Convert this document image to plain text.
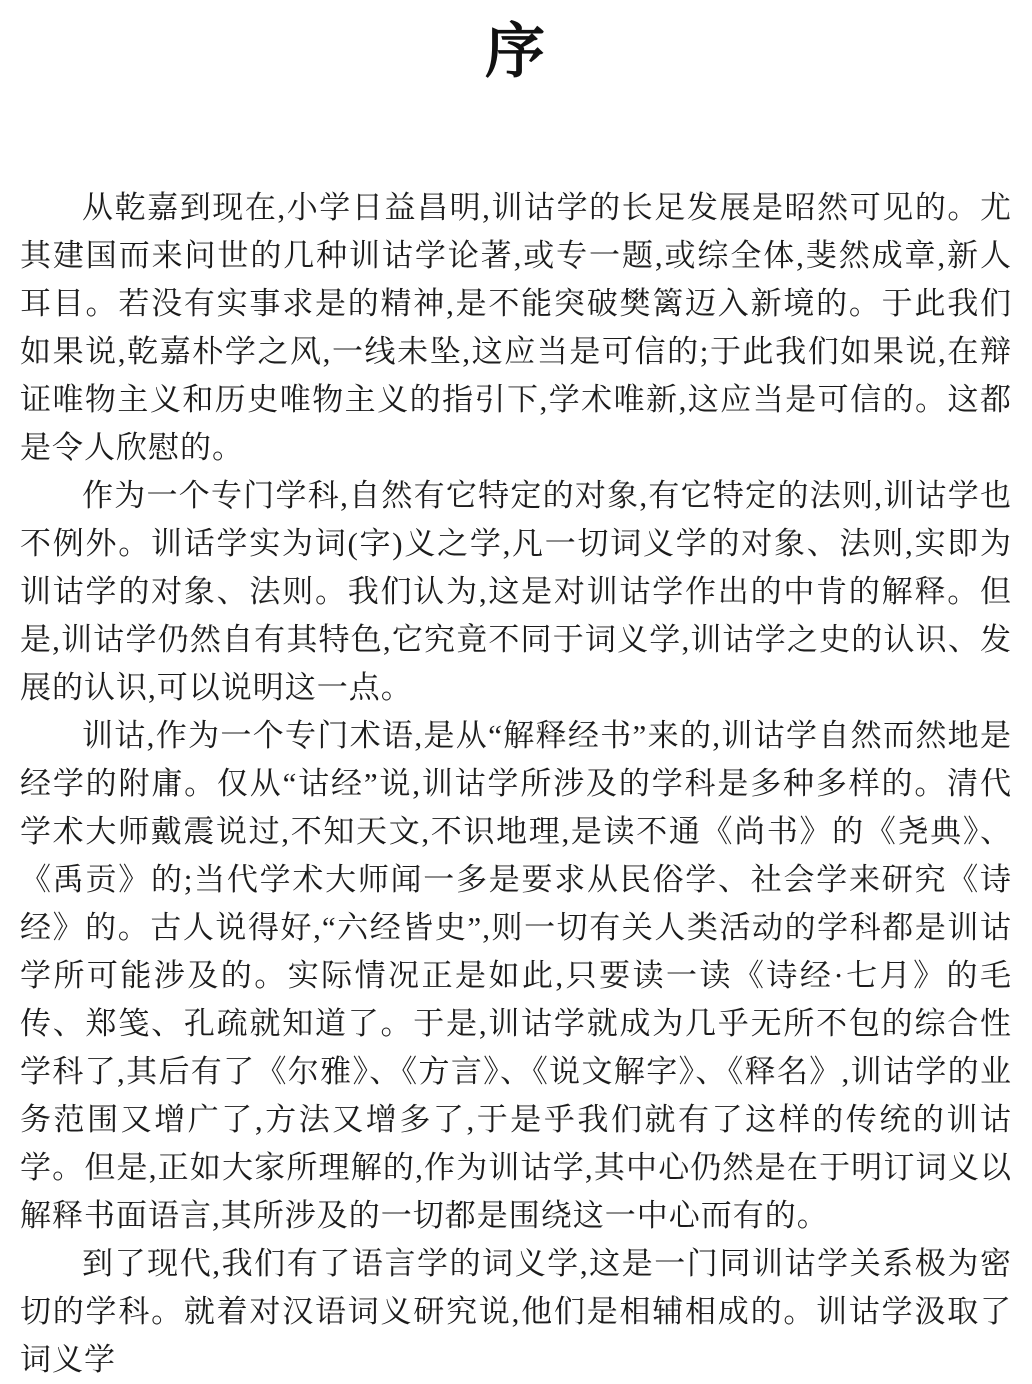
序

从乾嘉到现在,小学日益昌明,训诂学的长足发展是昭然可见的。尤其建国而来问世的几种训诂学论著,或专一题,或综全体,斐然成章,新人耳目。若没有实事求是的精神,是不能突破樊篱迈入新境的。于此我们如果说,乾嘉朴学之风,一线未坠,这应当是可信的;于此我们如果说,在辩证唯物主义和历史唯物主义的指引下,学术唯新,这应当是可信的。这都是令人欣慰的。

作为一个专门学科,自然有它特定的对象,有它特定的法则,训诂学也不例外。训话学实为词(字)义之学,凡一切词义学的对象、法则,实即为训诂学的对象、法则。我们认为,这是对训诂学作出的中肯的解释。但是,训诂学仍然自有其特色,它究竟不同于词义学,训诂学之史的认识、发展的认识,可以说明这一点。

训诂,作为一个专门术语,是从“解释经书”来的,训诂学自然而然地是经学的附庸。仅从“诂经”说,训诂学所涉及的学科是多种多样的。清代学术大师戴震说过,不知天文,不识地理,是读不通《尚书》的《尧典》、《禹贡》的;当代学术大师闻一多是要求从民俗学、社会学来研究《诗经》的。古人说得好,“六经皆史”,则一切有关人类活动的学科都是训诂学所可能涉及的。实际情况正是如此,只要读一读《诗经·七月》的毛传、郑笺、孔疏就知道了。于是,训诂学就成为几乎无所不包的综合性学科了,其后有了《尔雅》、《方言》、《说文解字》、《释名》,训诂学的业务范围又增广了,方法又增多了,于是乎我们就有了这样的传统的训诂学。但是,正如大家所理解的,作为训诂学,其中心仍然是在于明订词义以解释书面语言,其所涉及的一切都是围绕这一中心而有的。

到了现代,我们有了语言学的词义学,这是一门同训诂学关系极为密切的学科。就着对汉语词义研究说,他们是相辅相成的。训诂学汲取了词义学
